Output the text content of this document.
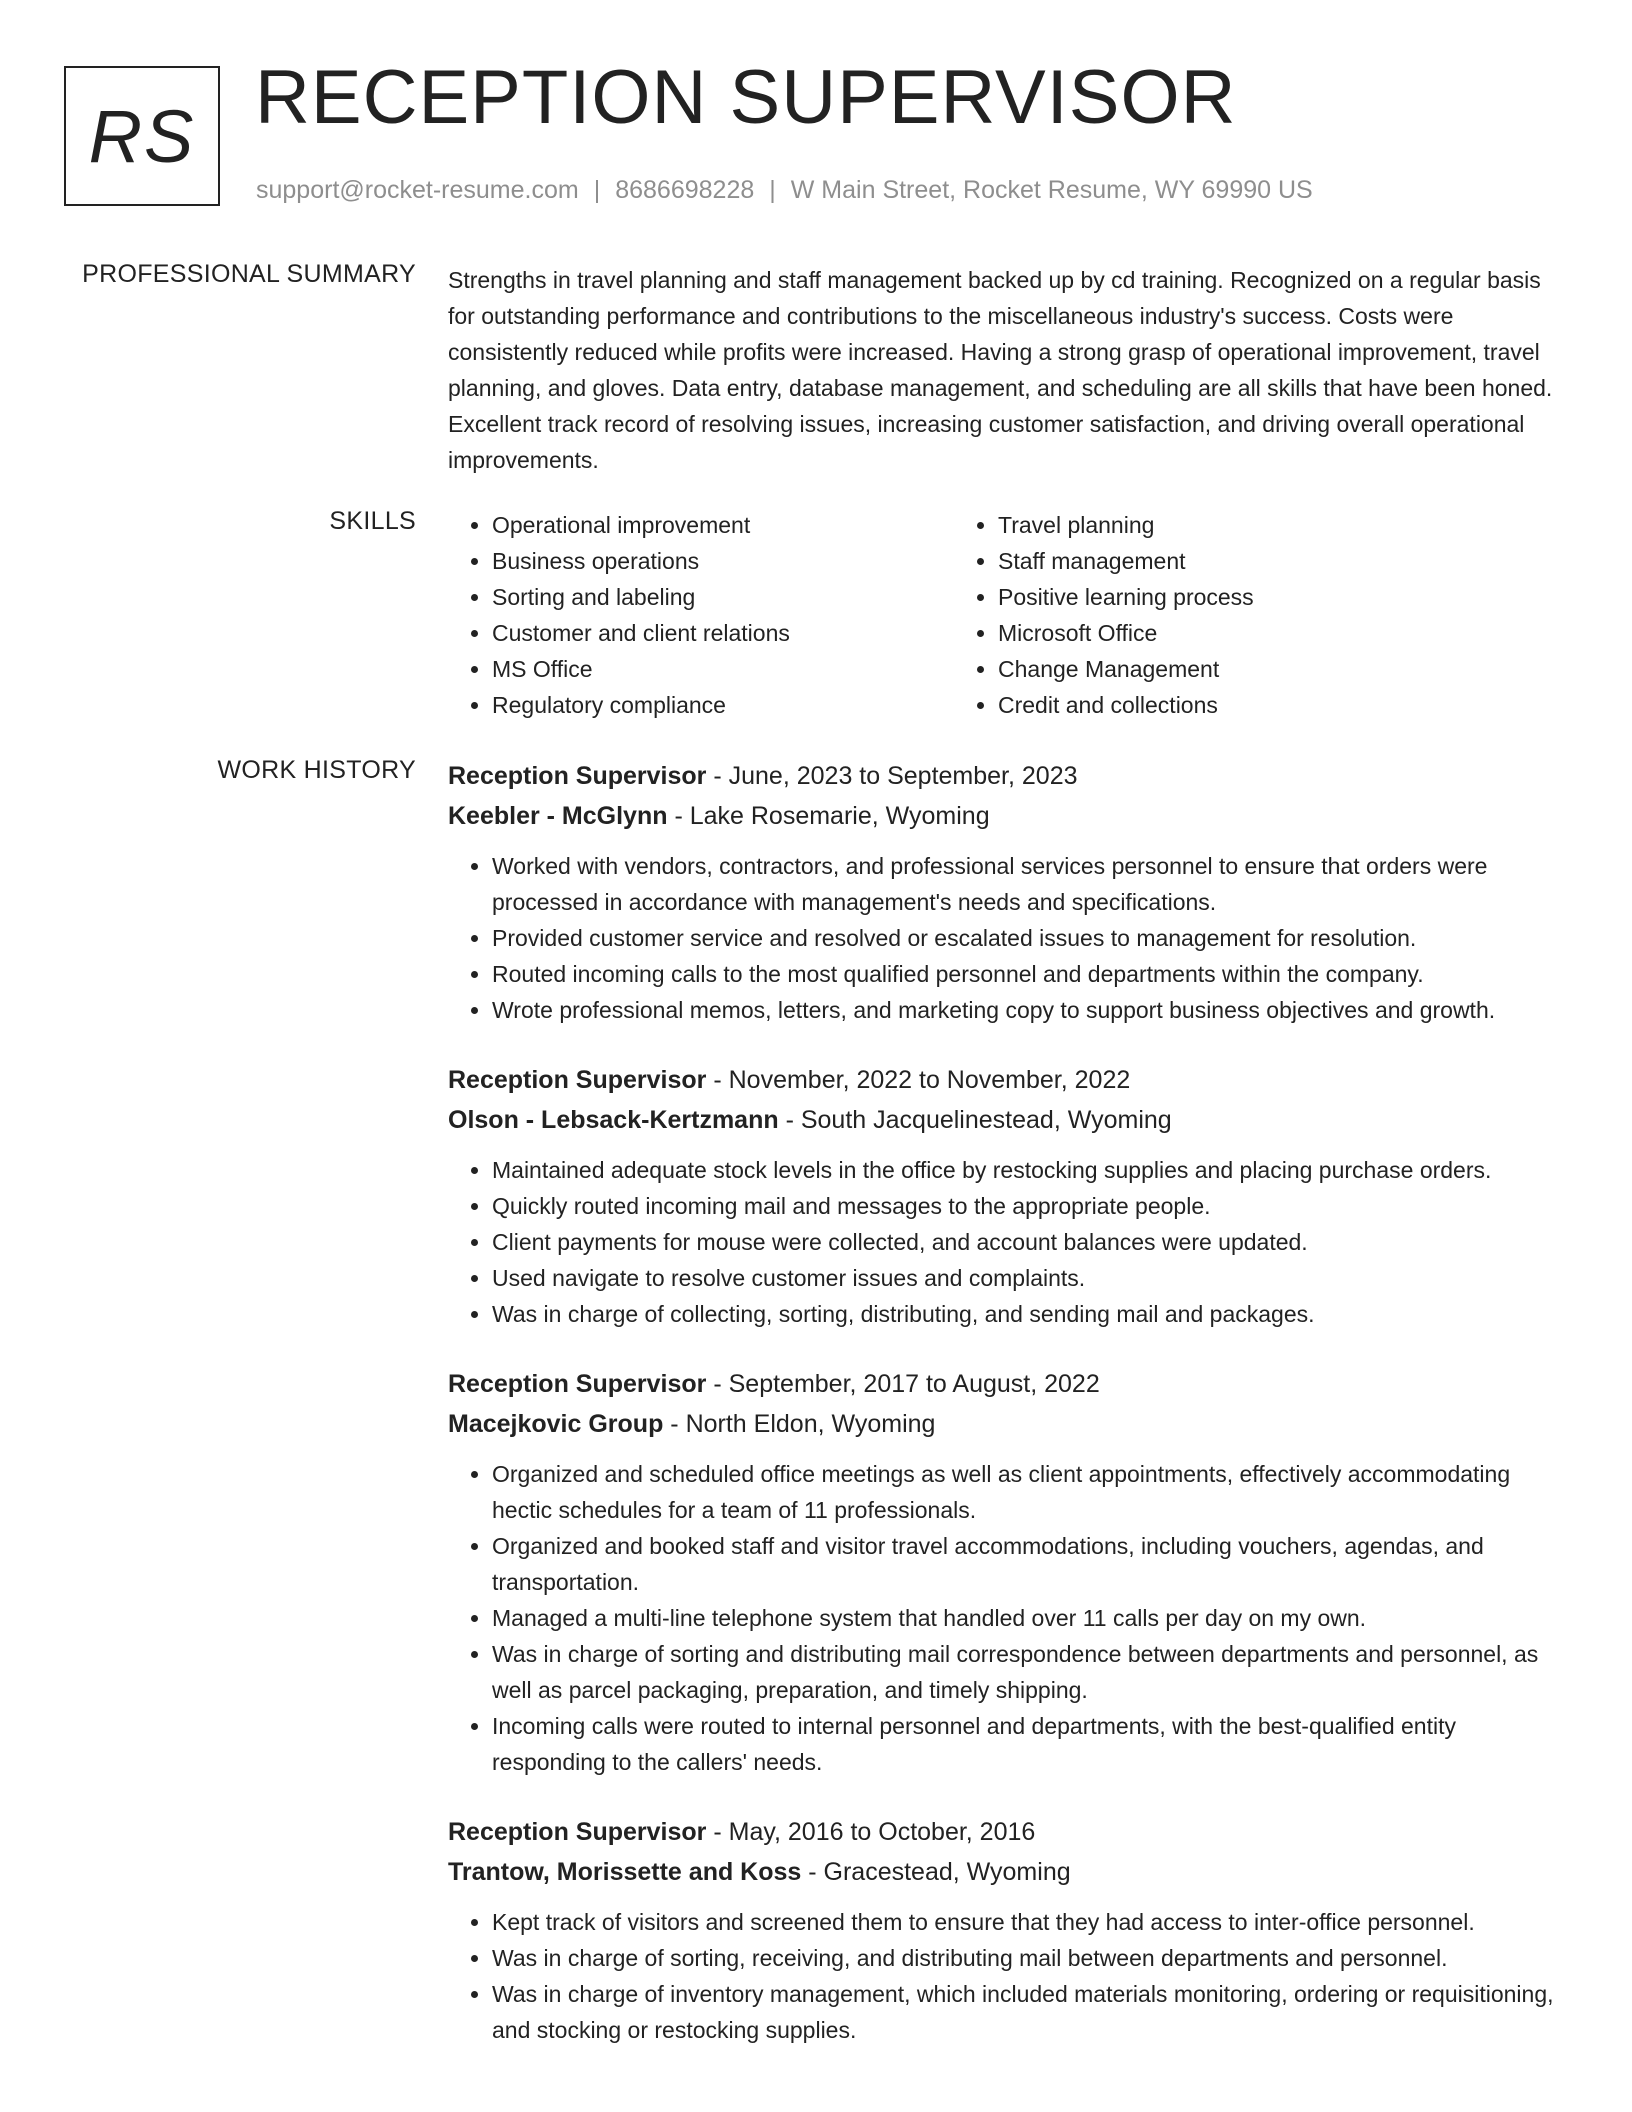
RS RECEPTION SUPERVISOR
support@rocket-resume.com | 8686698228 | W Main Street, Rocket Resume, WY 69990 US
PROFESSIONAL SUMMARY Strengths in travel planning and staff management backed up by cd training. Recognized on a regular basis for outstanding performance and contributions to the miscellaneous industry's success. Costs were consistently reduced while profits were increased. Having a strong grasp of operational improvement, travel planning, and gloves. Data entry, database management, and scheduling are all skills that have been honed. Excellent track record of resolving issues, increasing customer satisfaction, and driving overall operational improvements.

SKILLS
•	Operational improvement
• Business operations
• Sorting and labeling
• Customer and client relations
• MS Office
• Regulatory compliance
• Travel planning
• Staff management
• Positive learning process
• Microsoft Office
• Change Management
• Credit and collections
WORK HISTORY Reception Supervisor - June, 2023 to September, 2023
Keebler - McGlynn - Lake Rosemarie, Wyoming
• Worked with vendors, contractors, and professional services personnel to ensure that orders were processed in accordance with management's needs and specifications.
• Provided customer service and resolved or escalated issues to management for resolution.
• Routed incoming calls to the most qualified personnel and departments within the company.
• Wrote professional memos, letters, and marketing copy to support business objectives and growth.
Reception Supervisor - November, 2022 to November, 2022
Olson - Lebsack-Kertzmann - South Jacquelinestead, Wyoming
• Maintained adequate stock levels in the office by restocking supplies and placing purchase orders.
• Quickly routed incoming mail and messages to the appropriate people.
• Client payments for mouse were collected, and account balances were updated.
• Used navigate to resolve customer issues and complaints.
• Was in charge of collecting, sorting, distributing, and sending mail and packages.
Reception Supervisor - September, 2017 to August, 2022
Macejkovic Group - North Eldon, Wyoming
• Organized and scheduled office meetings as well as client appointments, effectively accommodating hectic schedules for a team of 11 professionals.
• Organized and booked staff and visitor travel accommodations, including vouchers, agendas, and transportation.
• Managed a multi-line telephone system that handled over 11 calls per day on my own.
• Was in charge of sorting and distributing mail correspondence between departments and personnel, as well as parcel packaging, preparation, and timely shipping.
• Incoming calls were routed to internal personnel and departments, with the best-qualified entity responding to the callers' needs.
Reception Supervisor - May, 2016 to October, 2016
Trantow, Morissette and Koss - Gracestead, Wyoming
• Kept track of visitors and screened them to ensure that they had access to inter-office personnel.
• Was in charge of sorting, receiving, and distributing mail between departments and personnel.
• Was in charge of inventory management, which included materials monitoring, ordering or requisitioning, and stocking or restocking supplies.
